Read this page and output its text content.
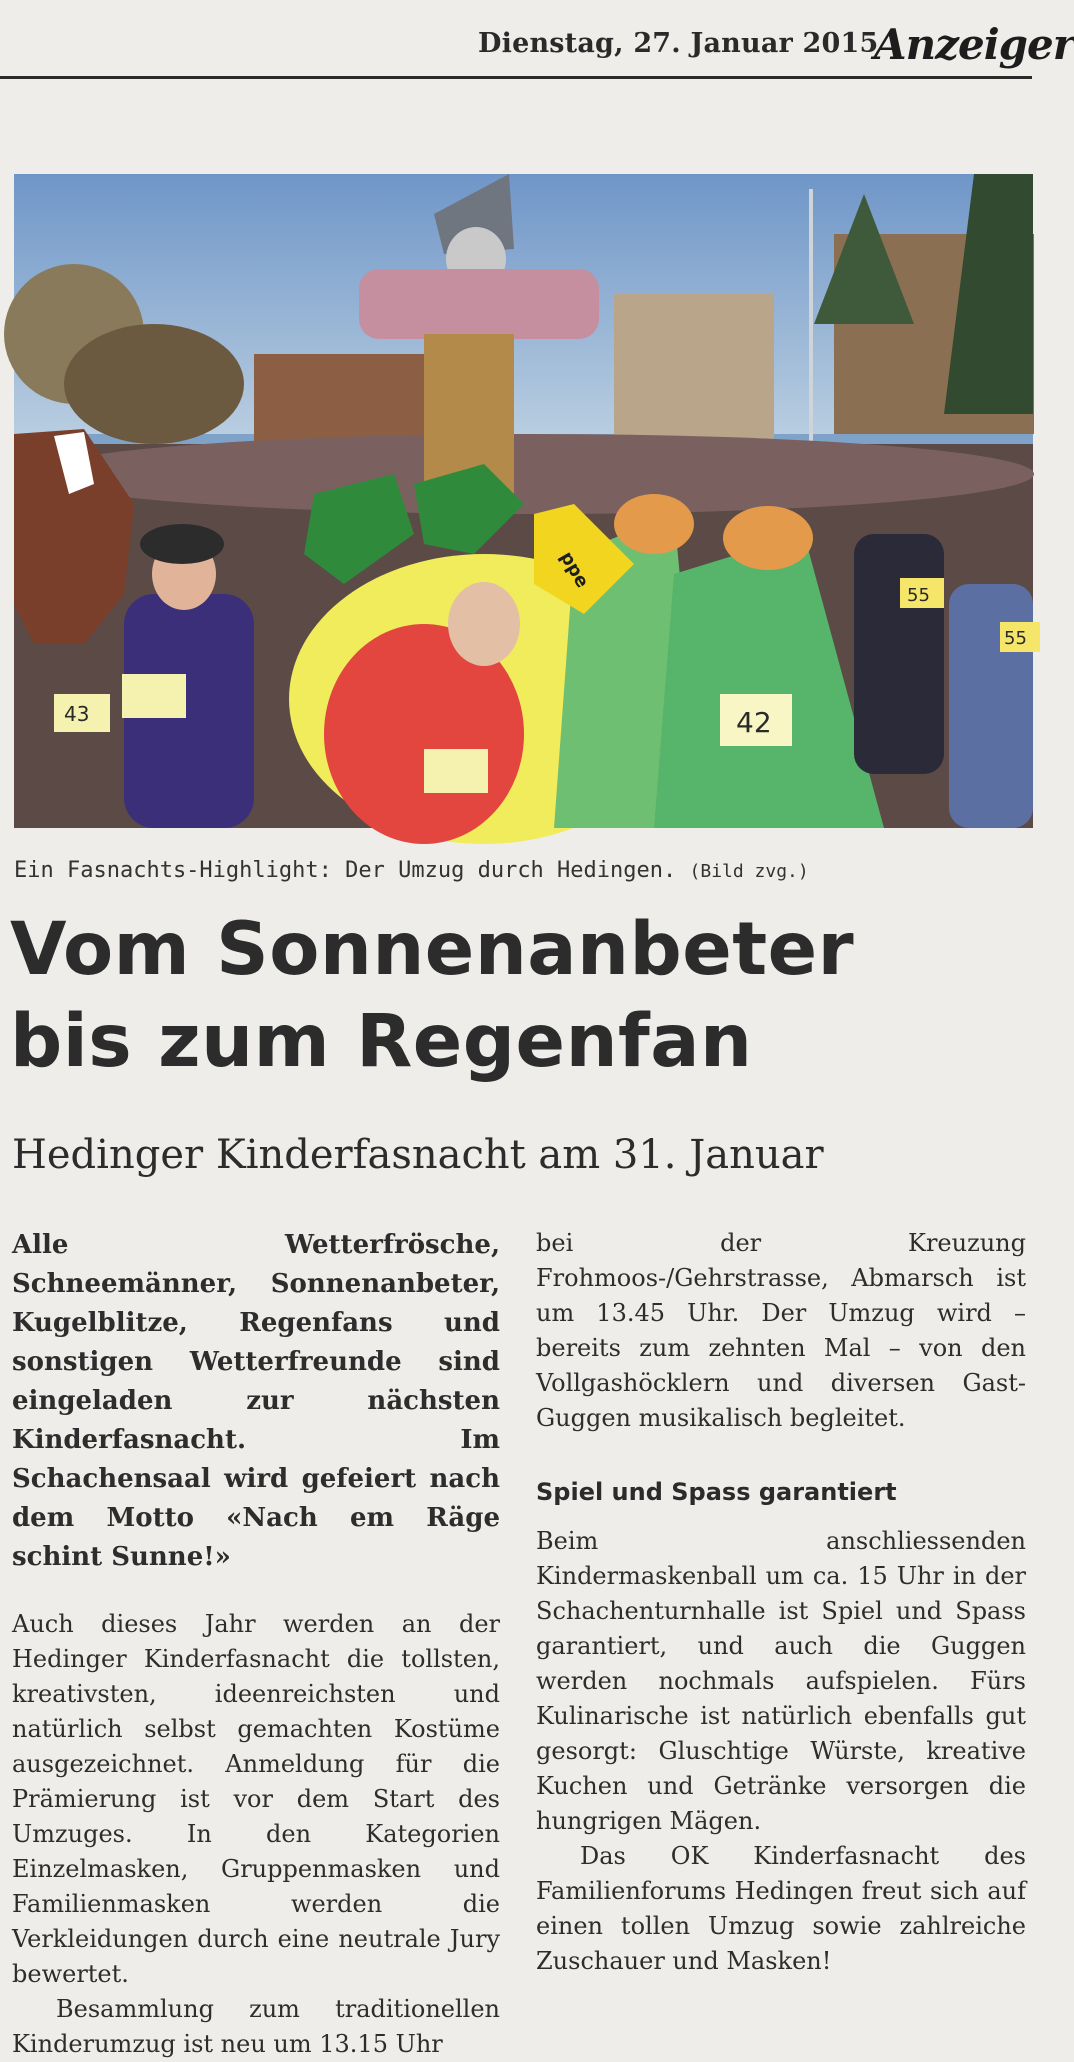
Dienstag, 27. Januar 2015
Anzeiger
ppe
42
55
55
43
Ein Fasnachts-Highlight: Der Umzug durch Hedingen. (Bild zvg.)
Vom Sonnenanbeter
bis zum Regenfan
Hedinger Kinderfasnacht am 31. Januar

Alle Wetterfrösche, Schneemänner, Sonnenanbeter, Kugelblitze, Regenfans und sonstigen Wetterfreunde sind eingeladen zur nächsten Kinderfasnacht. Im Schachensaal wird gefeiert nach dem Motto «Nach em Räge schint Sunne!»

Auch dieses Jahr werden an der Hedinger Kinderfasnacht die tollsten, kreativsten, ideenreichsten und natürlich selbst gemachten Kostüme ausgezeichnet. Anmeldung für die Prämierung ist vor dem Start des Umzuges. In den Kategorien Einzelmasken, Gruppenmasken und Familienmasken werden die Verkleidungen durch eine neutrale Jury bewertet.

Besammlung zum traditionellen Kinderumzug ist neu um 13.15 Uhr

bei der Kreuzung Frohmoos-/Gehrstrasse, Abmarsch ist um 13.45 Uhr. Der Umzug wird – bereits zum zehnten Mal – von den Vollgashöcklern und diversen Gast-Guggen musikalisch begleitet.

Spiel und Spass garantiert

Beim anschliessenden Kindermaskenball um ca. 15 Uhr in der Schachenturnhalle ist Spiel und Spass garantiert, und auch die Guggen werden nochmals aufspielen. Fürs Kulinarische ist natürlich ebenfalls gut gesorgt: Gluschtige Würste, kreative Kuchen und Getränke versorgen die hungrigen Mägen.

Das OK Kinderfasnacht des Familienforums Hedingen freut sich auf einen tollen Umzug sowie zahlreiche Zuschauer und Masken!
